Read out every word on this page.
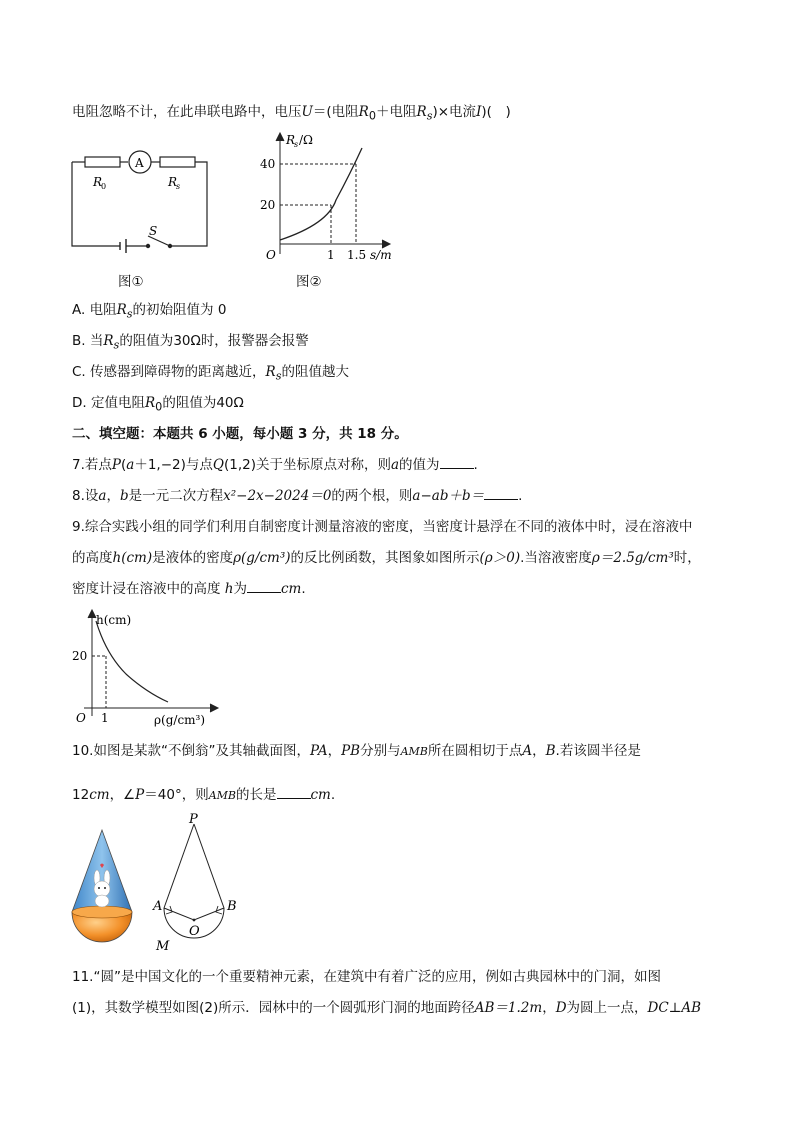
电阻忽略不计，在此串联电路中，电压U＝(电阻$R_0+$电阻$R_s)\times$电流I)(　)
A
R
0	R
s
S
图①
R
s /Ω
40
20
O	1 1.5 s/m
图②
A. 电阻$R_s$的初始阻值为 0
B. 当$R_s$的阻值为30Ω时，报警器会报警
C. 传感器到障碍物的距离越近，$R_s$的阻值越大
D. 定值电阻$R_0$的阻值为40Ω
二、填空题：本题共 6 小题，每小题 3 分，共 18 分。
7.若点P(a＋1,−2)与点Q(1,2)关于坐标原点对称，则a的值为	.
8.设a，b是一元二次方程x²−2x−2024＝0的两个根，则a−ab＋b＝	.
9.综合实践小组的同学们利用自制密度计测量溶液的密度，当密度计悬浮在不同的液体中时，浸在溶液中
的高度h(cm)是液体的密度ρ(g/cm³)的反比例函数，其图象如图所示(ρ＞0).当溶液密度ρ＝2.5g/cm³时，
密度计浸在溶液中的高度 h为	cm.
h(cm)
20
O 1	ρ(g/cm³)
10.如图是某款“不倒翁”及其轴截面图，PA，PB分别与AMB所在圆相切于点A，B.若该圆半径是
12cm，∠P＝40°，则AMB的长是	cm.
P
A	B
O
M
11.“圆”是中国文化的一个重要精神元素，在建筑中有着广泛的应用，例如古典园林中的门洞，如图
(1)，其数学模型如图(2)所示．园林中的一个圆弧形门洞的地面跨径AB＝1.2m，D为圆上一点，DC⊥AB
